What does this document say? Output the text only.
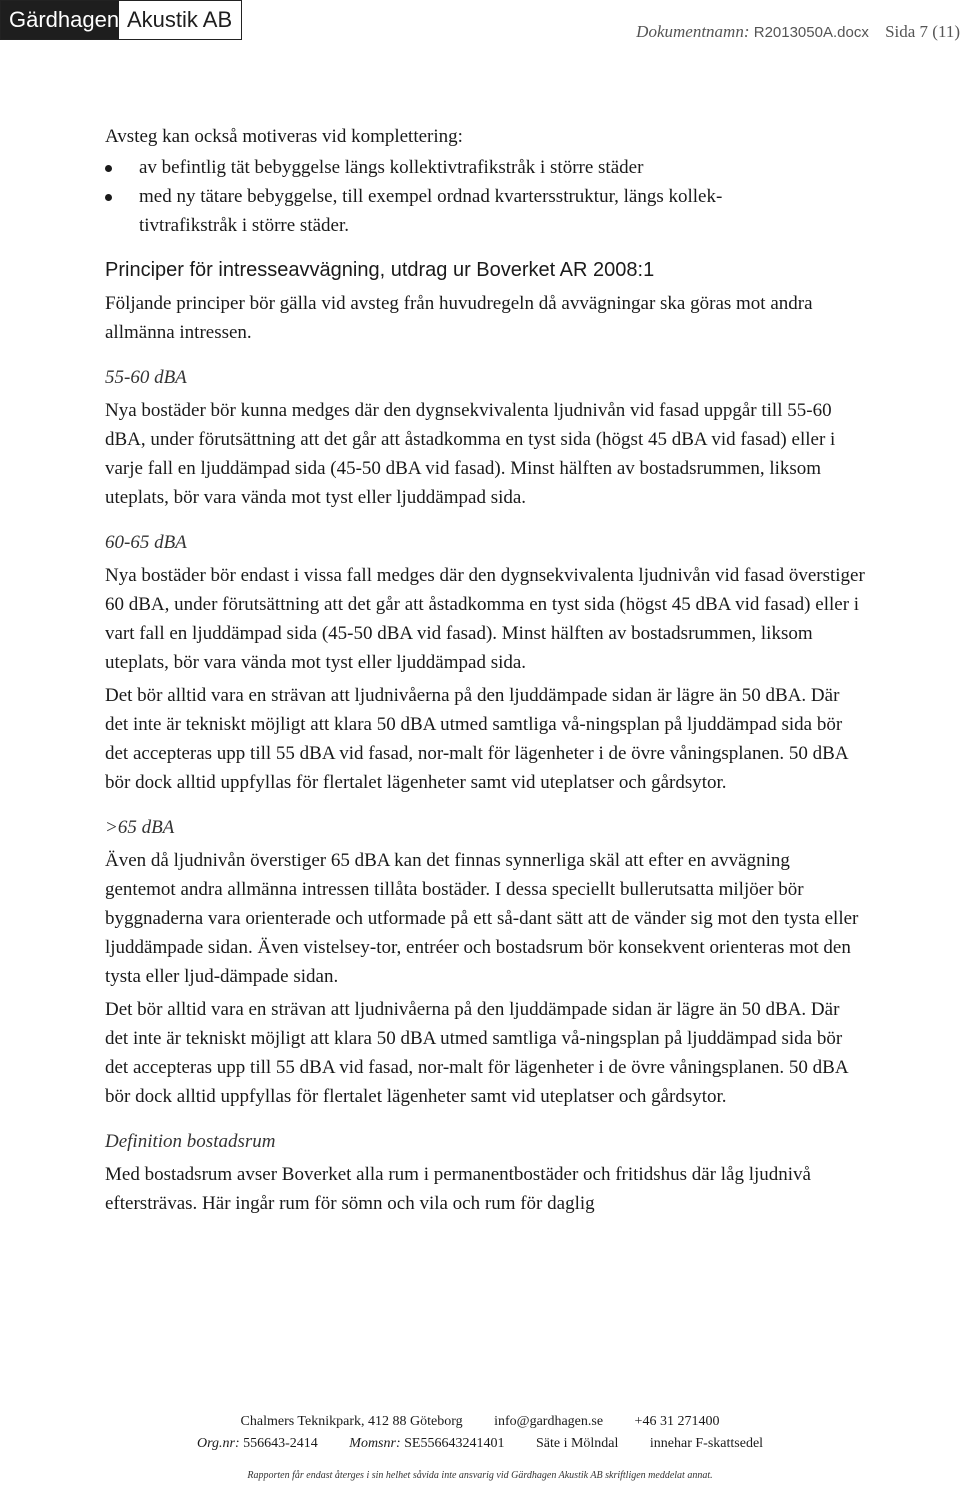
Gärdhagen Akustik AB	Dokumentnamn: R2013050A.docx Sida 7 (11)

Avsteg kan också motiveras vid komplettering:

av befintlig tät bebyggelse längs kollektivtrafikstråk i större städer
med ny tätare bebyggelse, till exempel ordnad kvartersstruktur, längs kollek-
tivtrafikstråk i större städer.

Principer för intresseavvägning, utdrag ur Boverket AR 2008:1

Följande principer bör gälla vid avsteg från huvudregeln då avvägningar ska göras mot andra allmänna intressen.

55-60 dBA

Nya bostäder bör kunna medges där den dygnsekvivalenta ljudnivån vid fasad uppgår till 55-60 dBA, under förutsättning att det går att åstadkomma en tyst sida (högst 45 dBA vid fasad) eller i varje fall en ljuddämpad sida (45-50 dBA vid fasad). Minst hälften av bostadsrummen, liksom uteplats, bör vara vända mot tyst eller ljuddämpad sida.

60-65 dBA

Nya bostäder bör endast i vissa fall medges där den dygnsekvivalenta ljudnivån vid fasad överstiger 60 dBA, under förutsättning att det går att åstadkomma en tyst sida (högst 45 dBA vid fasad) eller i vart fall en ljuddämpad sida (45-50 dBA vid fasad). Minst hälften av bostadsrummen, liksom uteplats, bör vara vända mot tyst eller ljuddämpad sida.

Det bör alltid vara en strävan att ljudnivåerna på den ljuddämpade sidan är lägre än 50 dBA. Där det inte är tekniskt möjligt att klara 50 dBA utmed samtliga vå-ningsplan på ljuddämpad sida bör det accepteras upp till 55 dBA vid fasad, nor-malt för lägenheter i de övre våningsplanen. 50 dBA bör dock alltid uppfyllas för flertalet lägenheter samt vid uteplatser och gårdsytor.

>65 dBA

Även då ljudnivån överstiger 65 dBA kan det finnas synnerliga skäl att efter en avvägning gentemot andra allmänna intressen tillåta bostäder. I dessa speciellt bullerutsatta miljöer bör byggnaderna vara orienterade och utformade på ett så-dant sätt att de vänder sig mot den tysta eller ljuddämpade sidan. Även vistelsey-tor, entréer och bostadsrum bör konsekvent orienteras mot den tysta eller ljud-dämpade sidan.

Det bör alltid vara en strävan att ljudnivåerna på den ljuddämpade sidan är lägre än 50 dBA. Där det inte är tekniskt möjligt att klara 50 dBA utmed samtliga vå-ningsplan på ljuddämpad sida bör det accepteras upp till 55 dBA vid fasad, nor-malt för lägenheter i de övre våningsplanen. 50 dBA bör dock alltid uppfyllas för flertalet lägenheter samt vid uteplatser och gårdsytor.

Definition bostadsrum

Med bostadsrum avser Boverket alla rum i permanentbostäder och fritidshus där låg ljudnivå eftersträvas. Här ingår rum för sömn och vila och rum för daglig

Chalmers Teknikpark, 412 88 Göteborg info@gardhagen.se +46 31 271400
Org.nr: 556643-2414 Momsnr: SE556643241401 Säte i Mölndal innehar F-skattsedel
Rapporten får endast återges i sin helhet såvida inte ansvarig vid Gärdhagen Akustik AB skriftligen meddelat annat.
